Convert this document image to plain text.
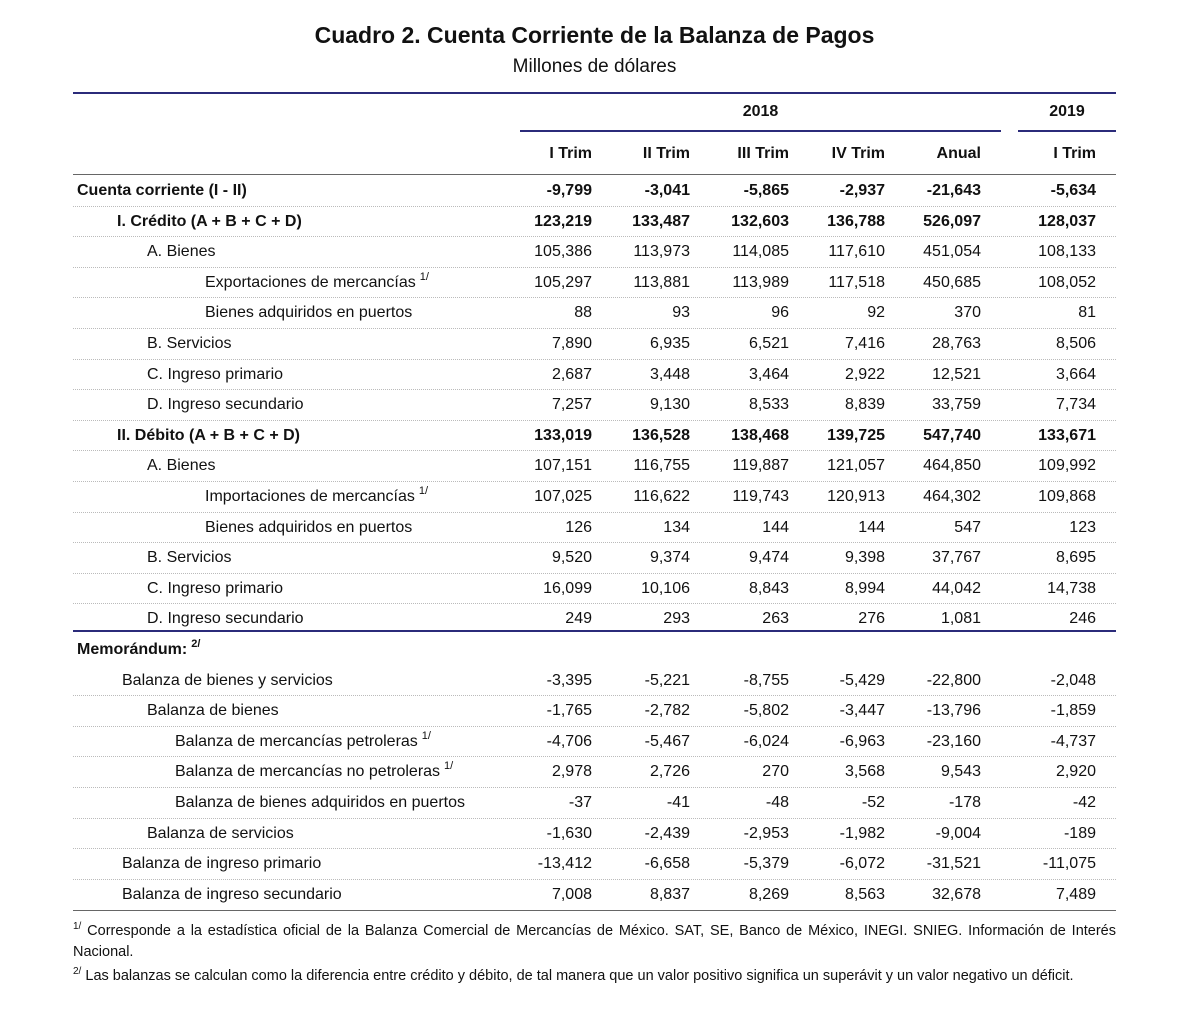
Cuadro 2. Cuenta Corriente de la Balanza de Pagos
Millones de dólares
2018	2019
I Trim	II Trim	III Trim	IV Trim	Anual	I Trim
Cuenta corriente (I - II)	-9,799	-3,041	-5,865	-2,937	-21,643	-5,634
I. Crédito (A + B + C + D)	123,219	133,487	132,603	136,788	526,097	128,037
A. Bienes	105,386	113,973	114,085	117,610	451,054	108,133
Exportaciones de mercancías $^{1/}$	105,297	113,881	113,989	117,518	450,685	108,052
Bienes adquiridos en puertos	88	93	96	92	370	81
B. Servicios	7,890	6,935	6,521	7,416	28,763	8,506
C. Ingreso primario	2,687	3,448	3,464	2,922	12,521	3,664
D. Ingreso secundario	7,257	9,130	8,533	8,839	33,759	7,734
II. Débito (A + B + C + D)	133,019	136,528	138,468	139,725	547,740	133,671
A. Bienes	107,151	116,755	119,887	121,057	464,850	109,992
Importaciones de mercancías $^{1/}$	107,025	116,622	119,743	120,913	464,302	109,868
Bienes adquiridos en puertos	126	134	144	144	547	123
B. Servicios	9,520	9,374	9,474	9,398	37,767	8,695
C. Ingreso primario	16,099	10,106	8,843	8,994	44,042	14,738
D. Ingreso secundario	249	293	263	276	1,081	246
Memorándum: $^{2/}$
Balanza de bienes y servicios	-3,395	-5,221	-8,755	-5,429	-22,800	-2,048
Balanza de bienes	-1,765	-2,782	-5,802	-3,447	-13,796	-1,859
Balanza de mercancías petroleras $^{1/}$	-4,706	-5,467	-6,024	-6,963	-23,160	-4,737
Balanza de mercancías no petroleras $^{1/}$	2,978	2,726	270	3,568	9,543	2,920
Balanza de bienes adquiridos en puertos	-37	-41	-48	-52	-178	-42
Balanza de servicios	-1,630	-2,439	-2,953	-1,982	-9,004	-189
Balanza de ingreso primario	-13,412	-6,658	-5,379	-6,072	-31,521	-11,075
Balanza de ingreso secundario	7,008	8,837	8,269	8,563	32,678	7,489
$^{1/}$ Corresponde a la estadística oficial de la Balanza Comercial de Mercancías de México. SAT, SE, Banco de México, INEGI. SNIEG. Información de Interés Nacional.
$^{2/}$ Las balanzas se calculan como la diferencia entre crédito y débito, de tal manera que un valor positivo significa un superávit y un valor negativo un déficit.
